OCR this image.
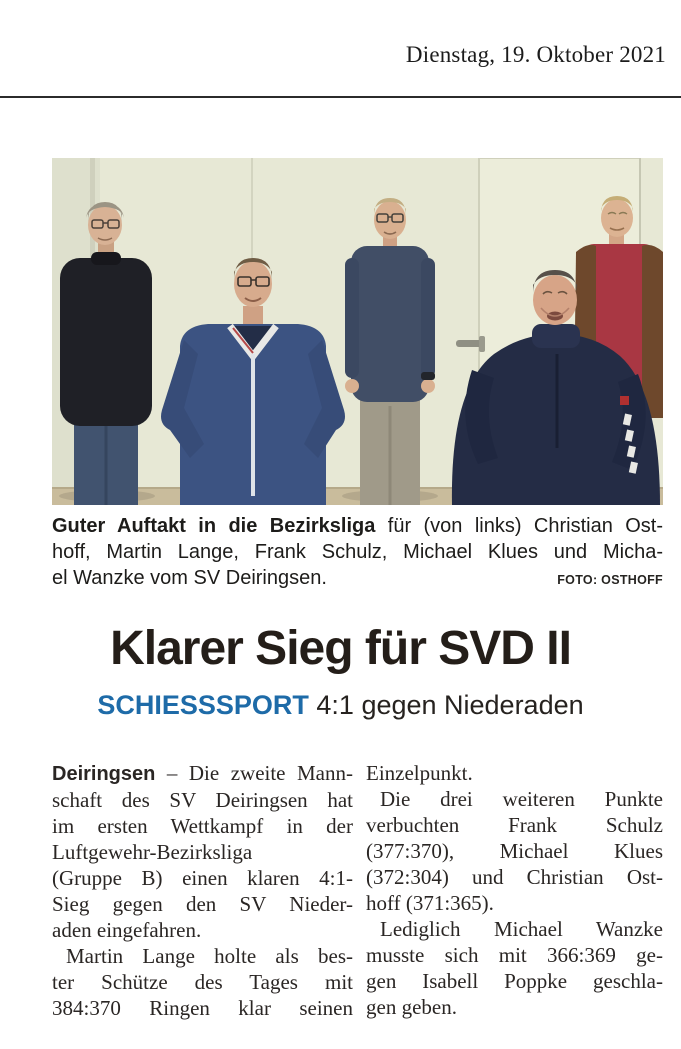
Dienstag, 19. Oktober 2021
Guter Auftakt in die Bezirksliga für (von links) Christian Ost-
hoff, Martin Lange, Frank Schulz, Michael Klues und Micha-
el Wanzke vom SV Deiringsen.	FOTO: OSTHOFF
Klarer Sieg für SVD II
SCHIESSSPORT 4:1 gegen Niederaden
Deiringsen – Die zweite Mann-
schaft des SV Deiringsen hat
im ersten Wettkampf in der
Luftgewehr-Bezirksliga
(Gruppe B) einen klaren 4:1-
Sieg gegen den SV Nieder-
aden eingefahren.
Martin Lange holte als bes-
ter Schütze des Tages mit
384:370 Ringen klar seinen
Einzelpunkt.
Die drei weiteren Punkte
verbuchten Frank Schulz
(377:370), Michael Klues
(372:304) und Christian Ost-
hoff (371:365).
Lediglich Michael Wanzke
musste sich mit 366:369 ge-
gen Isabell Poppke geschla-
gen geben.
